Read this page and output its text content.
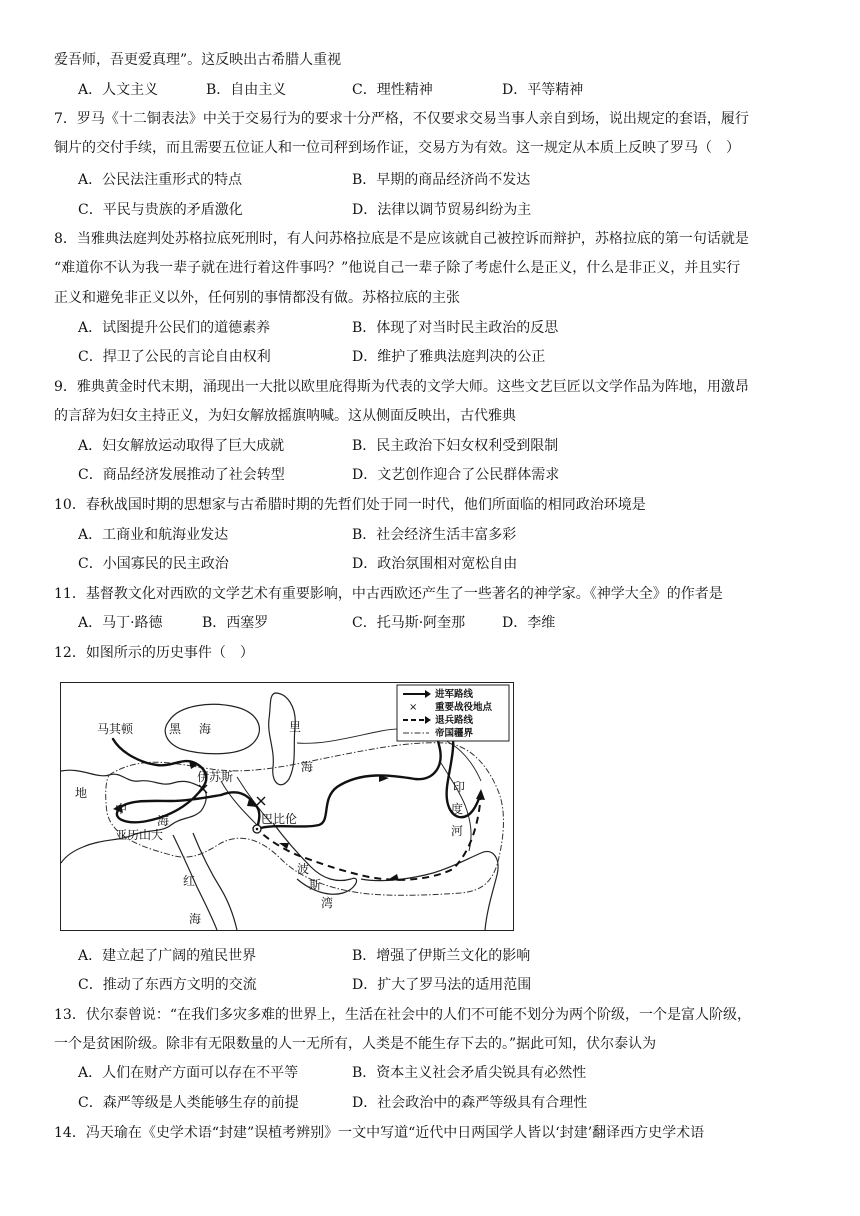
爱吾师，吾更爱真理”。这反映出古希腊人重视
A．人文主义	B．自由主义	C．理性精神	D．平等精神
7．罗马《十二铜表法》中关于交易行为的要求十分严格，不仅要求交易当事人亲自到场，说出规定的套语，履行
铜片的交付手续，而且需要五位证人和一位司秤到场作证，交易方为有效。这一规定从本质上反映了罗马（　）
A．公民法注重形式的特点	B．早期的商品经济尚不发达
C．平民与贵族的矛盾激化	D．法律以调节贸易纠纷为主
8．当雅典法庭判处苏格拉底死刑时，有人问苏格拉底是不是应该就自己被控诉而辩护，苏格拉底的第一句话就是
“难道你不认为我一辈子就在进行着这件事吗？”他说自己一辈子除了考虑什么是正义，什么是非正义，并且实行
正义和避免非正义以外，任何别的事情都没有做。苏格拉底的主张
A．试图提升公民们的道德素养	B．体现了对当时民主政治的反思
C．捍卫了公民的言论自由权利	D．维护了雅典法庭判决的公正
9．雅典黄金时代末期，涌现出一大批以欧里庇得斯为代表的文学大师。这些文艺巨匠以文学作品为阵地，用激昂
的言辞为妇女主持正义，为妇女解放摇旗呐喊。这从侧面反映出，古代雅典
A．妇女解放运动取得了巨大成就	B．民主政治下妇女权利受到限制
C．商品经济发展推动了社会转型	D．文艺创作迎合了公民群体需求
10．春秋战国时期的思想家与古希腊时期的先哲们处于同一时代，他们所面临的相同政治环境是
A．工商业和航海业发达	B．社会经济生活丰富多彩
C．小国寡民的民主政治	D．政治氛围相对宽松自由
11．基督教文化对西欧的文学艺术有重要影响，中古西欧还产生了一些著名的神学家。《神学大全》的作者是
A．马丁·路德	B．西塞罗	C．托马斯·阿奎那	D．李维
12．如图所示的历史事件（　）
进军路线
× 重要战役地点
退兵路线
帝国疆界
马其顿	黑 海	里
海
伊苏斯
地
中
海
亚历山大
巴比伦
印
度
河
红
海
波
斯
湾
A．建立起了广阔的殖民世界	B．增强了伊斯兰文化的影响
C．推动了东西方文明的交流	D．扩大了罗马法的适用范围
13．伏尔泰曾说：“在我们多灾多难的世界上，生活在社会中的人们不可能不划分为两个阶级，一个是富人阶级，
一个是贫困阶级。除非有无限数量的人一无所有，人类是不能生存下去的。”据此可知，伏尔泰认为
A．人们在财产方面可以存在不平等	B．资本主义社会矛盾尖锐具有必然性
C．森严等级是人类能够生存的前提	D．社会政治中的森严等级具有合理性
14．冯天瑜在《史学术语“封建”误植考辨别》一文中写道“近代中日两国学人皆以‘封建’翻译西方史学术语
